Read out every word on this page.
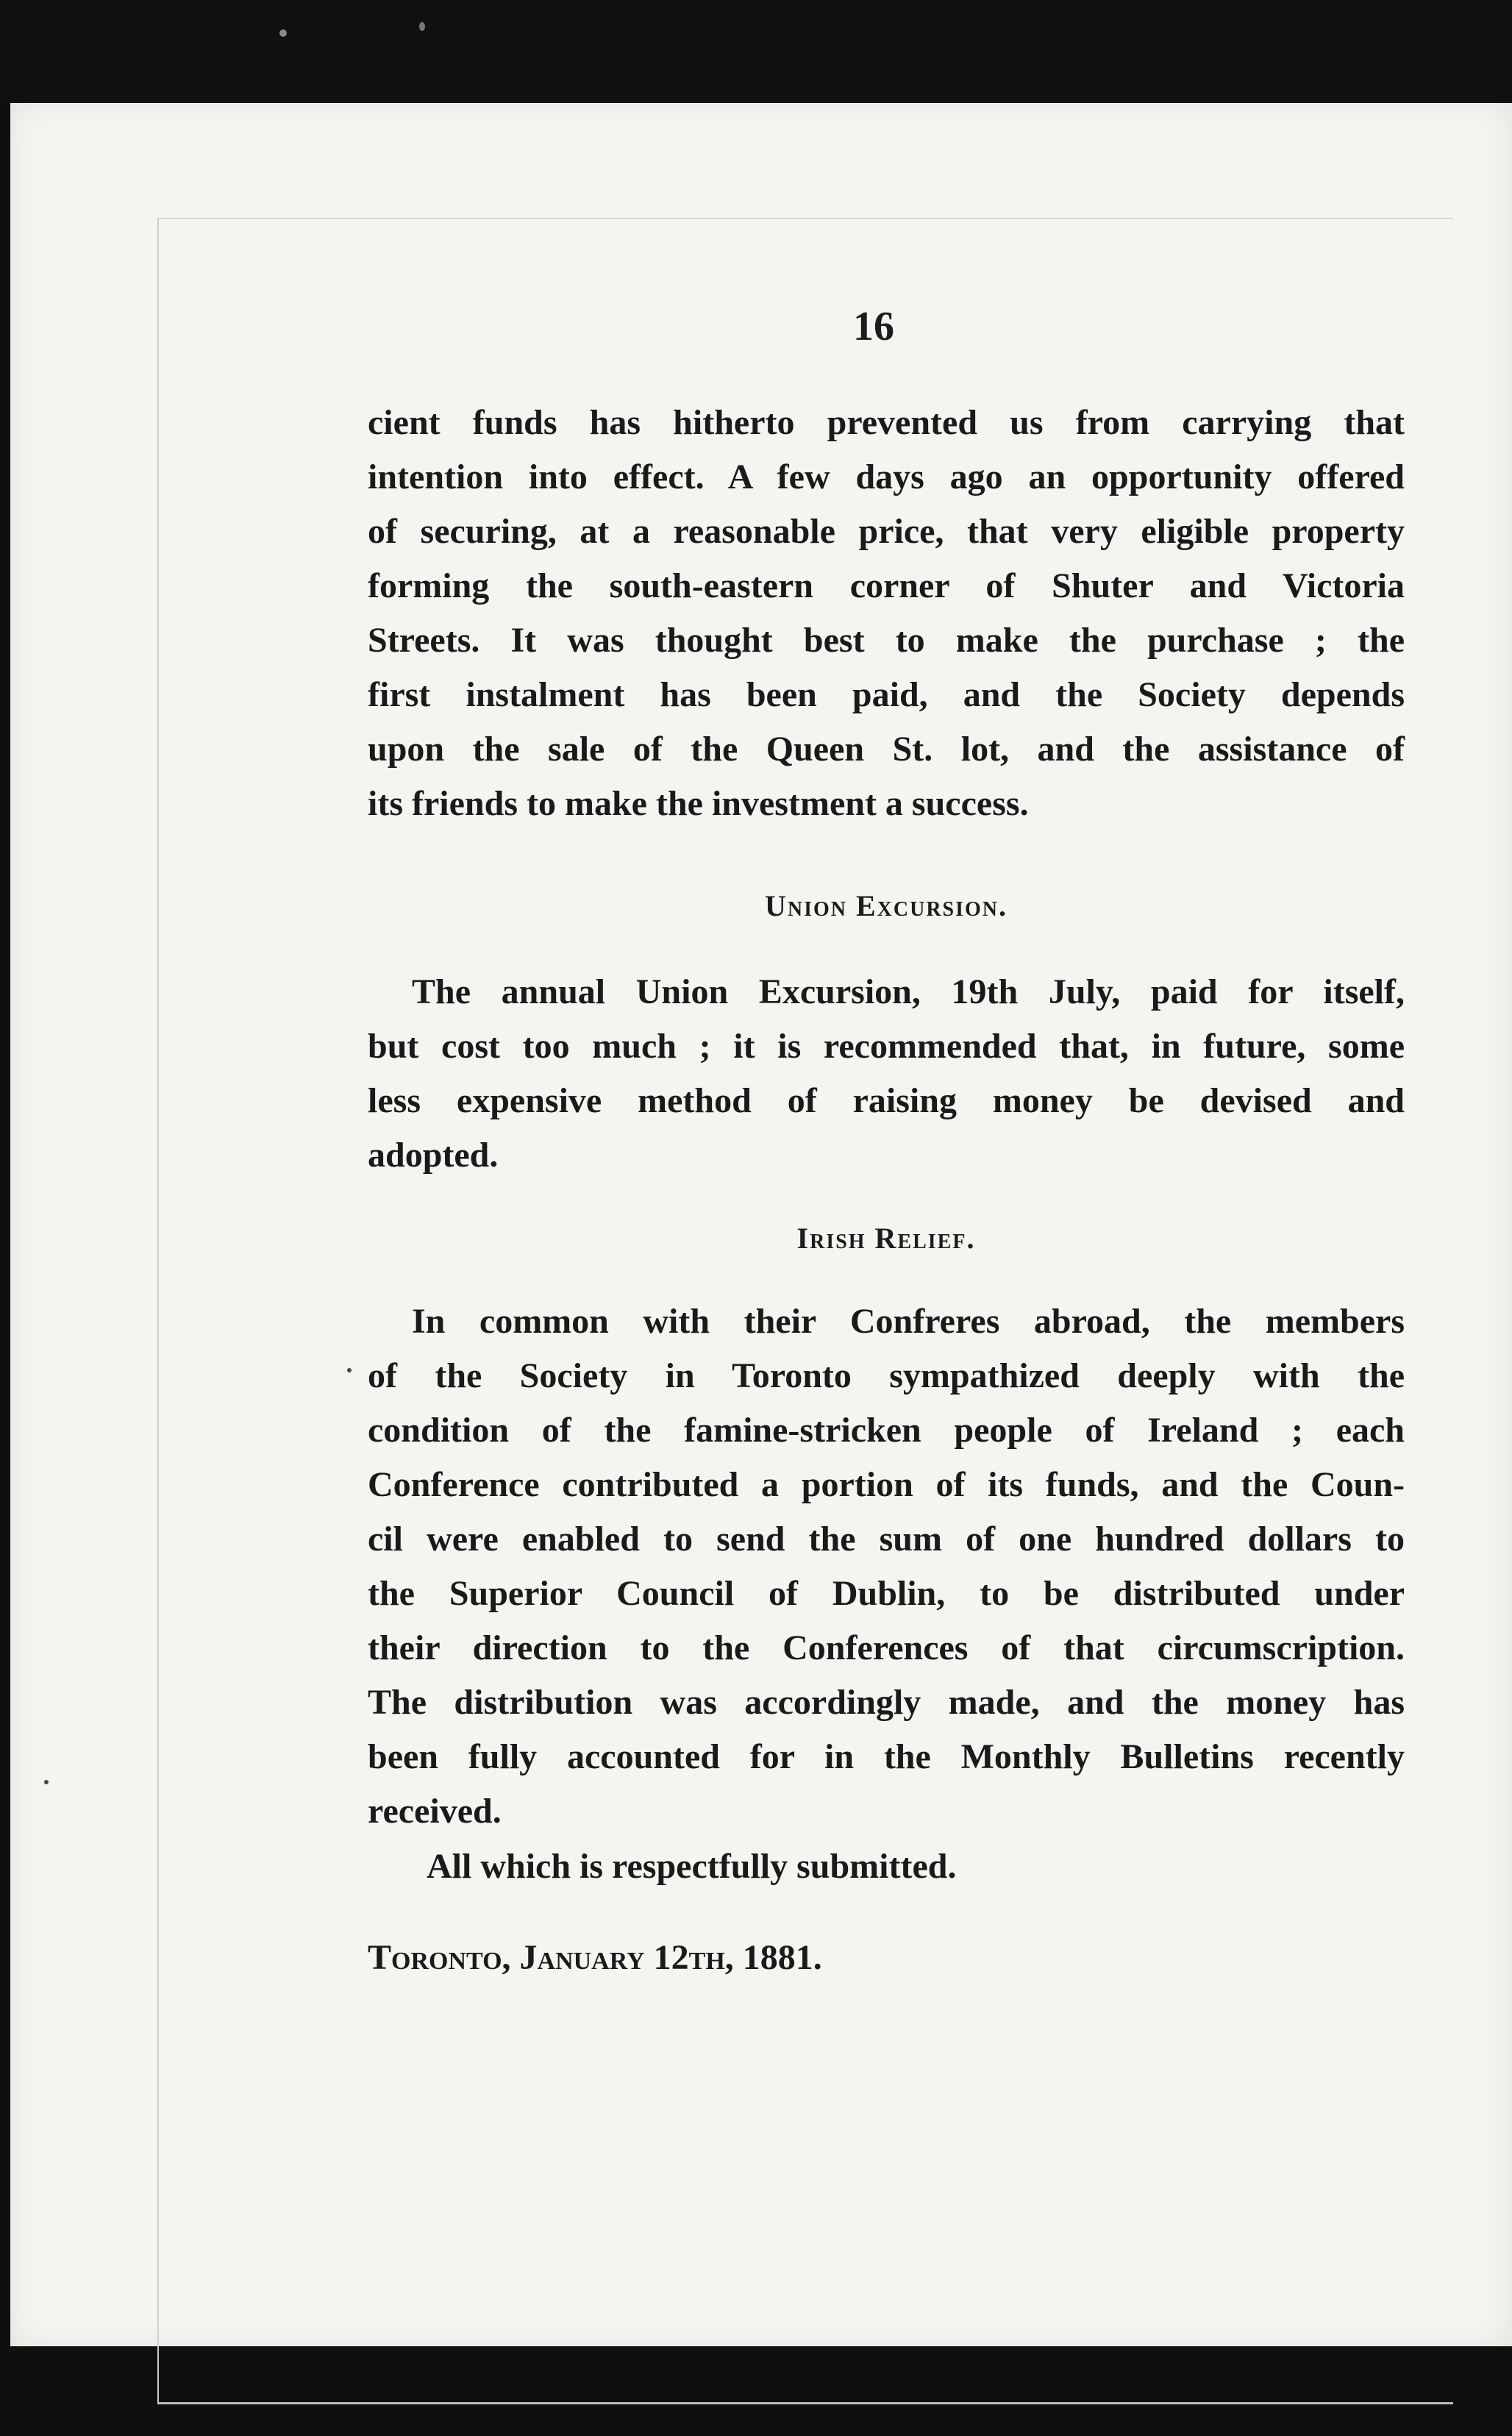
16
cient funds has hitherto prevented us from carrying that
intention into effect. A few days ago an opportunity offered
of securing, at a reasonable price, that very eligible property
forming the south-eastern corner of Shuter and Victoria
Streets. It was thought best to make the purchase ; the
first instalment has been paid, and the Society depends
upon the sale of the Queen St. lot, and the assistance of
its friends to make the investment a success.
Union Excursion.
The annual Union Excursion, 19th July, paid for itself,
but cost too much ; it is recommended that, in future, some
less expensive method of raising money be devised and
adopted.
Irish Relief.
In common with their Confreres abroad, the members
of the Society in Toronto sympathized deeply with the
condition of the famine-stricken people of Ireland ; each
Conference contributed a portion of its funds, and the Coun-
cil were enabled to send the sum of one hundred dollars to
the Superior Council of Dublin, to be distributed under
their direction to the Conferences of that circumscription.
The distribution was accordingly made, and the money has
been fully accounted for in the Monthly Bulletins recently
received.
All which is respectfully submitted.
Toronto, January 12th, 1881.
